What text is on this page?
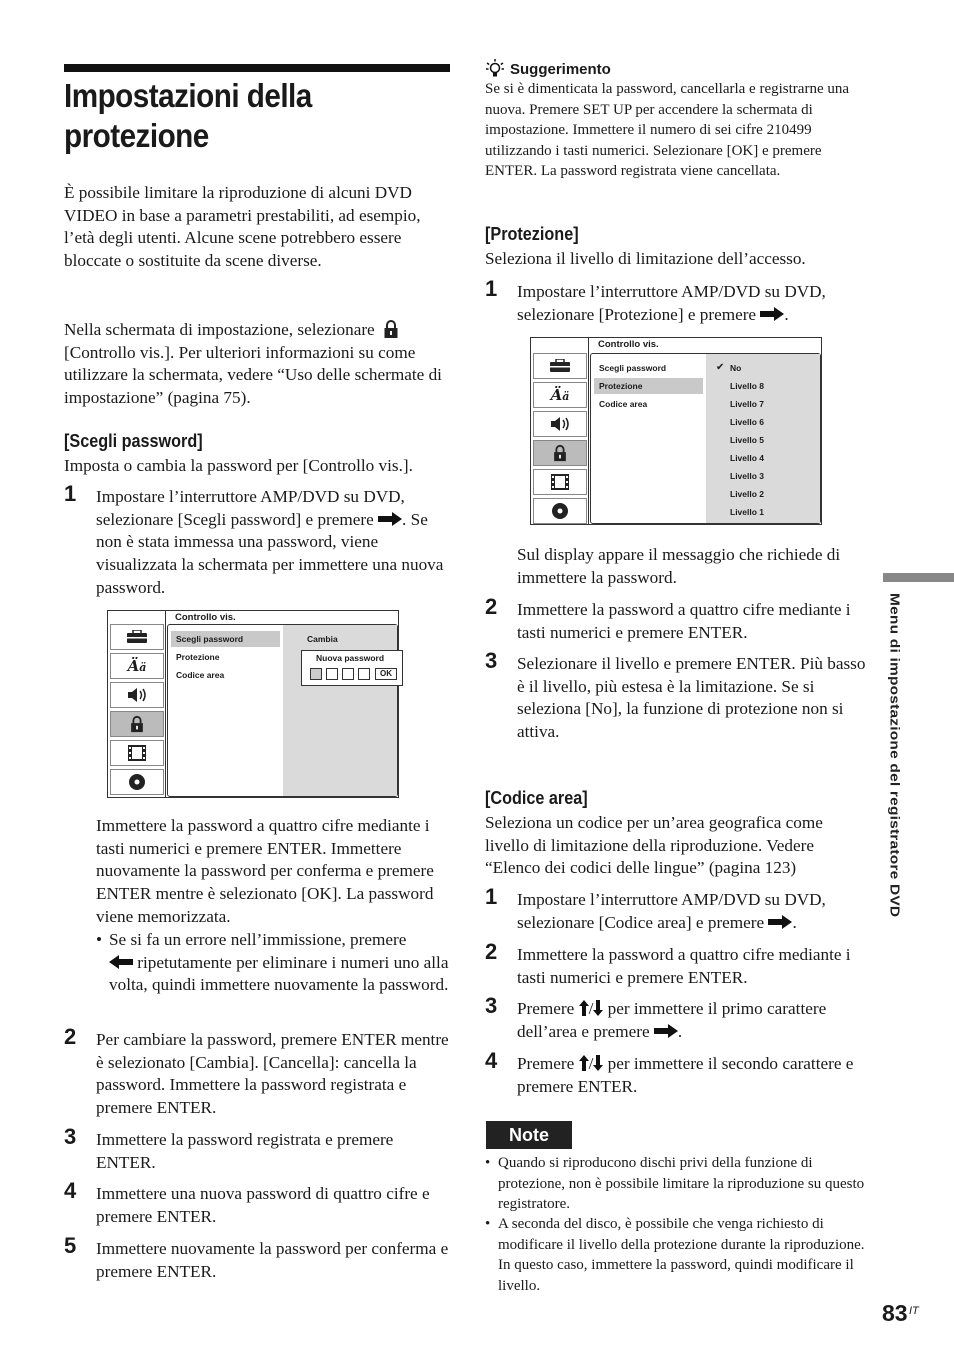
Impostazioni della protezione
È possibile limitare la riproduzione di alcuni DVD VIDEO in base a parametri prestabiliti, ad esempio, l’età degli utenti. Alcune scene potrebbero essere bloccate o sostituite da scene diverse.
Nella schermata di impostazione, selezionare  [Controllo vis.]. Per ulteriori informazioni su come utilizzare la schermata, vedere “Uso delle schermate di impostazione” (pagina 75).
[Scegli password]
Imposta o cambia la password per [Controllo vis.].
1 Impostare l’interruttore AMP/DVD su DVD, selezionare [Scegli password] e premere . Se non è stata immessa una password, viene visualizzata la schermata per immettere una nuova password.
Ää
Controllo vis.
Scegli password
Protezione
Codice area
Cambia
Nuova password
OK
Immettere la password a quattro cifre mediante i tasti numerici e premere ENTER. Immettere nuovamente la password per conferma e premere ENTER mentre è selezionato [OK]. La password viene memorizzata.
• Se si fa un errore nell’immissione, premere
ripetutamente per eliminare i numeri uno alla volta, quindi immettere nuovamente la password.
2 Per cambiare la password, premere ENTER mentre è selezionato [Cambia]. [Cancella]: cancella la password. Immettere la password registrata e premere ENTER.
3 Immettere la password registrata e premere ENTER.
4 Immettere una nuova password di quattro cifre e premere ENTER.
5 Immettere nuovamente la password per conferma e premere ENTER.
Suggerimento
Se si è dimenticata la password, cancellarla e registrarne una nuova. Premere SET UP per accendere la schermata di impostazione. Immettere il numero di sei cifre 210499 utilizzando i tasti numerici. Selezionare [OK] e premere ENTER. La password registrata viene cancellata.
[Protezione]
Seleziona il livello di limitazione dell’accesso.
1 Impostare l’interruttore AMP/DVD su DVD, selezionare [Protezione] e premere .
Ää
Controllo vis.
Scegli password
Protezione
Codice area
✔ No
Livello 8
Livello 7
Livello 6
Livello 5
Livello 4
Livello 3
Livello 2
Livello 1
Sul display appare il messaggio che richiede di immettere la password.
2 Immettere la password a quattro cifre mediante i tasti numerici e premere ENTER.
3 Selezionare il livello e premere ENTER. Più basso è il livello, più estesa è la limitazione. Se si seleziona [No], la funzione di protezione non si attiva.
[Codice area]
Seleziona un codice per un’area geografica come livello di limitazione della riproduzione. Vedere “Elenco dei codici delle lingue” (pagina 123)
1 Impostare l’interruttore AMP/DVD su DVD, selezionare [Codice area] e premere .
2 Immettere la password a quattro cifre mediante i tasti numerici e premere ENTER.
3 Premere / per immettere il primo carattere dell’area e premere .
4 Premere / per immettere il secondo carattere e premere ENTER.
Note
• Quando si riproducono dischi privi della funzione di protezione, non è possibile limitare la riproduzione su questo registratore.
• A seconda del disco, è possibile che venga richiesto di modificare il livello della protezione durante la riproduzione. In questo caso, immettere la password, quindi modificare il livello.
Menu di impostazione del registratore DVD
83 IT
